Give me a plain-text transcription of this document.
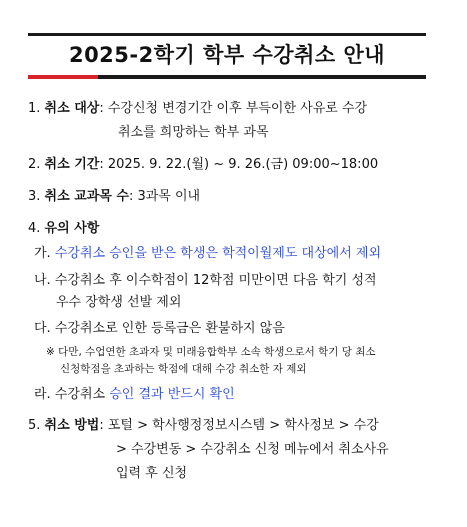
2025-2학기 학부 수강취소 안내
1. 취소 대상: 수강신청 변경기간 이후 부득이한 사유로 수강
취소를 희망하는 학부 과목
2. 취소 기간: 2025. 9. 22.(월) ~ 9. 26.(금) 09:00~18:00
3. 취소 교과목 수: 3과목 이내
4. 유의 사항
가. 수강취소 승인을 받은 학생은 학적이월제도 대상에서 제외
나. 수강취소 후 이수학점이 12학점 미만이면 다음 학기 성적
우수 장학생 선발 제외
다. 수강취소로 인한 등록금은 환불하지 않음
※ 다만, 수업연한 초과자 및 미래융합학부 소속 학생으로서 학기 당 최소
신청학점을 초과하는 학점에 대해 수강 취소한 자 제외
라. 수강취소 승인 결과 반드시 확인
5. 취소 방법: 포털 > 학사행정정보시스템 > 학사정보 > 수강
> 수강변동 > 수강취소 신청 메뉴에서 취소사유
입력 후 신청
